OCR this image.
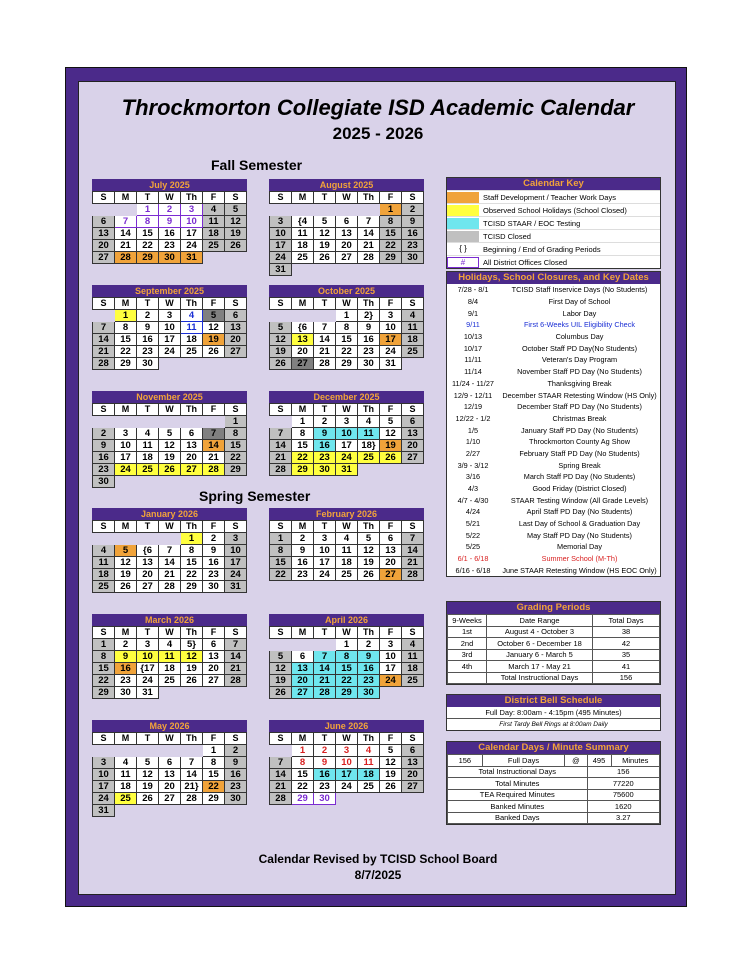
Throckmorton Collegiate ISD Academic Calendar
2025 - 2026
Fall Semester
Spring Semester
July 2025
S	M	T	W	Th	F	S
		1	2	3	4	5
6	7	8	9	10	11	12
13	14	15	16	17	18	19
20	21	22	23	24	25	26
27	28	29	30	31		
August 2025
S	M	T	W	Th	F	S
					1	2
3	{4	5	6	7	8	9
10	11	12	13	14	15	16
17	18	19	20	21	22	23
24	25	26	27	28	29	30
31						
September 2025
S	M	T	W	Th	F	S
	1	2	3	4	5	6
7	8	9	10	11	12	13
14	15	16	17	18	19	20
21	22	23	24	25	26	27
28	29	30				
October 2025
S	M	T	W	Th	F	S
			1	2}	3	4
5	{6	7	8	9	10	11
12	13	14	15	16	17	18
19	20	21	22	23	24	25
26	27	28	29	30	31	
November 2025
S	M	T	W	Th	F	S
						1
2	3	4	5	6	7	8
9	10	11	12	13	14	15
16	17	18	19	20	21	22
23	24	25	26	27	28	29
30						
December 2025
S	M	T	W	Th	F	S
	1	2	3	4	5	6
7	8	9	10	11	12	13
14	15	16	17	18}	19	20
21	22	23	24	25	26	27
28	29	30	31			
January 2026
S	M	T	W	Th	F	S
				1	2	3
4	5	{6	7	8	9	10
11	12	13	14	15	16	17
18	19	20	21	22	23	24
25	26	27	28	29	30	31
February 2026
S	M	T	W	Th	F	S
1	2	3	4	5	6	7
8	9	10	11	12	13	14
15	16	17	18	19	20	21
22	23	24	25	26	27	28
March 2026
S	M	T	W	Th	F	S
1	2	3	4	5}	6	7
8	9	10	11	12	13	14
15	16	{17	18	19	20	21
22	23	24	25	26	27	28
29	30	31				
April 2026
S	M	T	W	Th	F	S
			1	2	3	4
5	6	7	8	9	10	11
12	13	14	15	16	17	18
19	20	21	22	23	24	25
26	27	28	29	30		
May 2026
S	M	T	W	Th	F	S
					1	2
3	4	5	6	7	8	9
10	11	12	13	14	15	16
17	18	19	20	21}	22	23
24	25	26	27	28	29	30
31						
June 2026
S	M	T	W	Th	F	S
	1	2	3	4	5	6
7	8	9	10	11	12	13
14	15	16	17	18	19	20
21	22	23	24	25	26	27
28	29	30				
Calendar Key
Staff Development / Teacher Work Days
Observed School Holidays (School Closed)
TCISD STAAR / EOC Testing
TCISD Closed
{ }	Beginning / End of Grading Periods
#	All District Offices Closed
Holidays, School Closures, and Key Dates
7/28 - 8/1	TCISD Staff Inservice Days (No Students)
8/4	First Day of School
9/1	Labor Day
9/11	First 6-Weeks UIL Eligibility Check
10/13	Columbus Day
10/17	October Staff PD Day(No Students)
11/11	Veteran's Day Program
11/14	November Staff PD Day (No Students)
11/24 - 11/27	Thanksgiving Break
12/9 - 12/11	December STAAR Retesting Window (HS Only)
12/19	December Staff PD Day (No Students)
12/22 - 1/2	Christmas Break
1/5	January Staff PD Day (No Students)
1/10	Throckmorton County Ag Show
2/27	February Staff PD Day (No Students)
3/9 - 3/12	Spring Break
3/16	March Staff PD Day (No Students)
4/3	Good Friday (District Closed)
4/7 - 4/30	STAAR Testing Window (All Grade Levels)
4/24	April Staff PD Day (No Students)
5/21	Last Day of School & Graduation Day
5/22	May Staff PD Day (No Students)
5/25	Memorial Day
6/1 - 6/18	Summer School (M-Th)
6/16 - 6/18	June STAAR Retesting Window (HS EOC Only)
Grading Periods
9-Weeks	Date Range	Total Days
1st	August 4 - October 3	38
2nd	October 6 - December 18	42
3rd	January 6 - March 5	35
4th	March 17 - May 21	41
	Total Instructional Days	156
District Bell Schedule
Full Day: 8:00am - 4:15pm (495 Minutes)
First Tardy Bell Rings at 8:00am Daily
Calendar Days / Minute Summary
156	Full Days	@	495	Minutes
Total Instructional Days			156	
Total Minutes			77220	
TEA Required Minutes			75600	
Banked Minutes			1620	
Banked Days			3.27	
Calendar Revised by TCISD School Board
8/7/2025
